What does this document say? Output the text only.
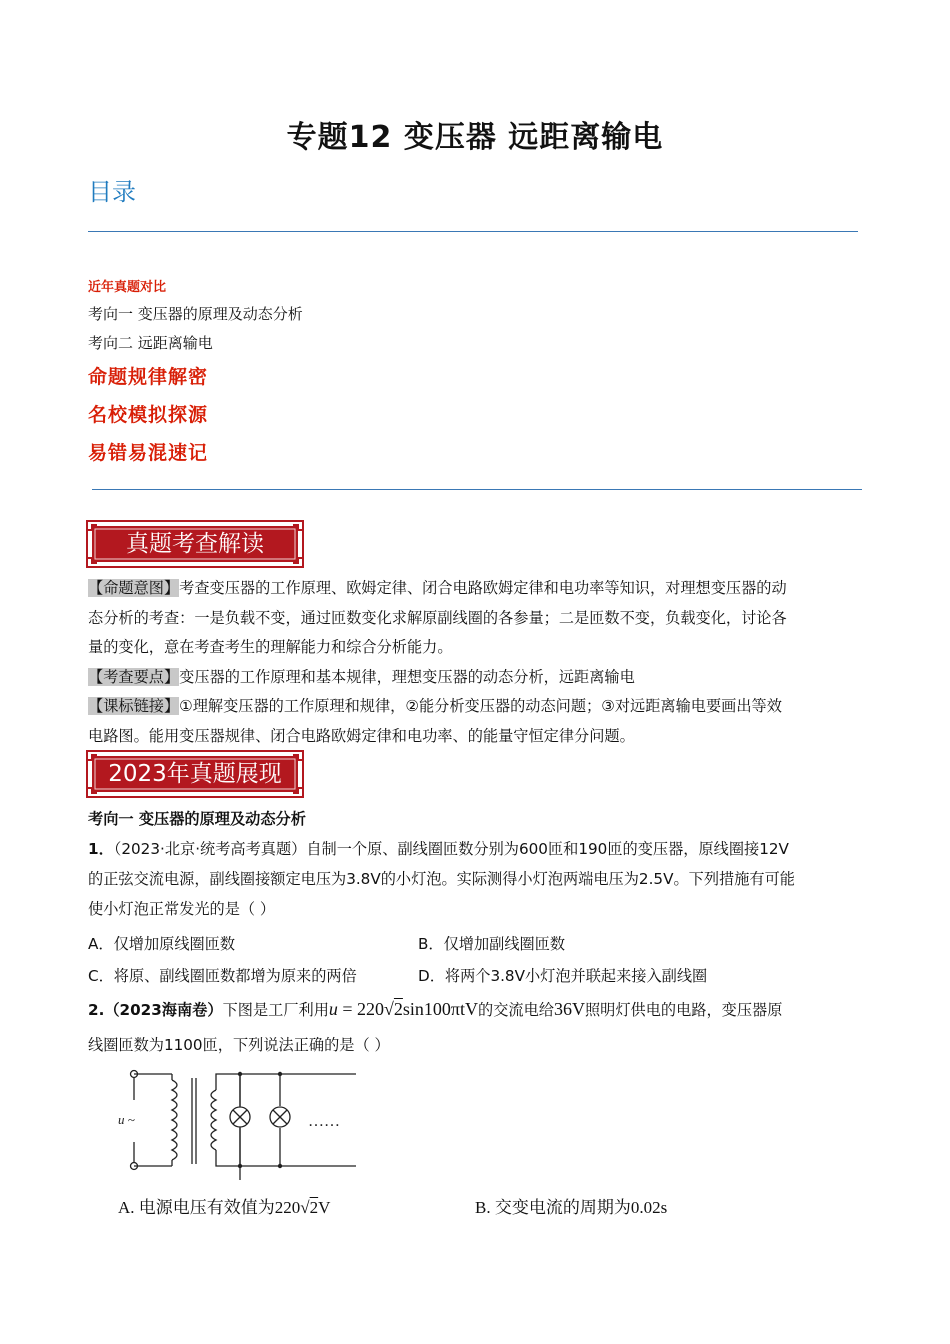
专题12 变压器 远距离输电
目录
近年真题对比
考向一 变压器的原理及动态分析
考向二 远距离输电
命题规律解密
名校模拟探源
易错易混速记
真题考查解读
【命题意图】考查变压器的工作原理、欧姆定律、闭合电路欧姆定律和电功率等知识，对理想变压器的动
态分析的考查：一是负载不变，通过匝数变化求解原副线圈的各参量；二是匝数不变，负载变化，讨论各
量的变化，意在考查考生的理解能力和综合分析能力。
【考查要点】变压器的工作原理和基本规律，理想变压器的动态分析，远距离输电
【课标链接】①理解变压器的工作原理和规律，②能分析变压器的动态问题；③对远距离输电要画出等效
电路图。能用变压器规律、闭合电路欧姆定律和电功率、的能量守恒定律分问题。
2023年真题展现
考向一 变压器的原理及动态分析
1．（2023·北京·统考高考真题）自制一个原、副线圈匝数分别为600匝和190匝的变压器，原线圈接12V
的正弦交流电源，副线圈接额定电压为3.8V的小灯泡。实际测得小灯泡两端电压为2.5V。下列措施有可能
使小灯泡正常发光的是（ ）
A．仅增加原线圈匝数	B．仅增加副线圈匝数
C．将原、副线圈匝数都增为原来的两倍	D．将两个3.8V小灯泡并联起来接入副线圈
2.（2023海南卷）下图是工厂利用u = 220√2sin100πtV的交流电给36V照明灯供电的电路，变压器原
线圈匝数为1100匝，下列说法正确的是（ ）
u ~	……
A. 电源电压有效值为220√2V	B. 交变电流的周期为0.02s
